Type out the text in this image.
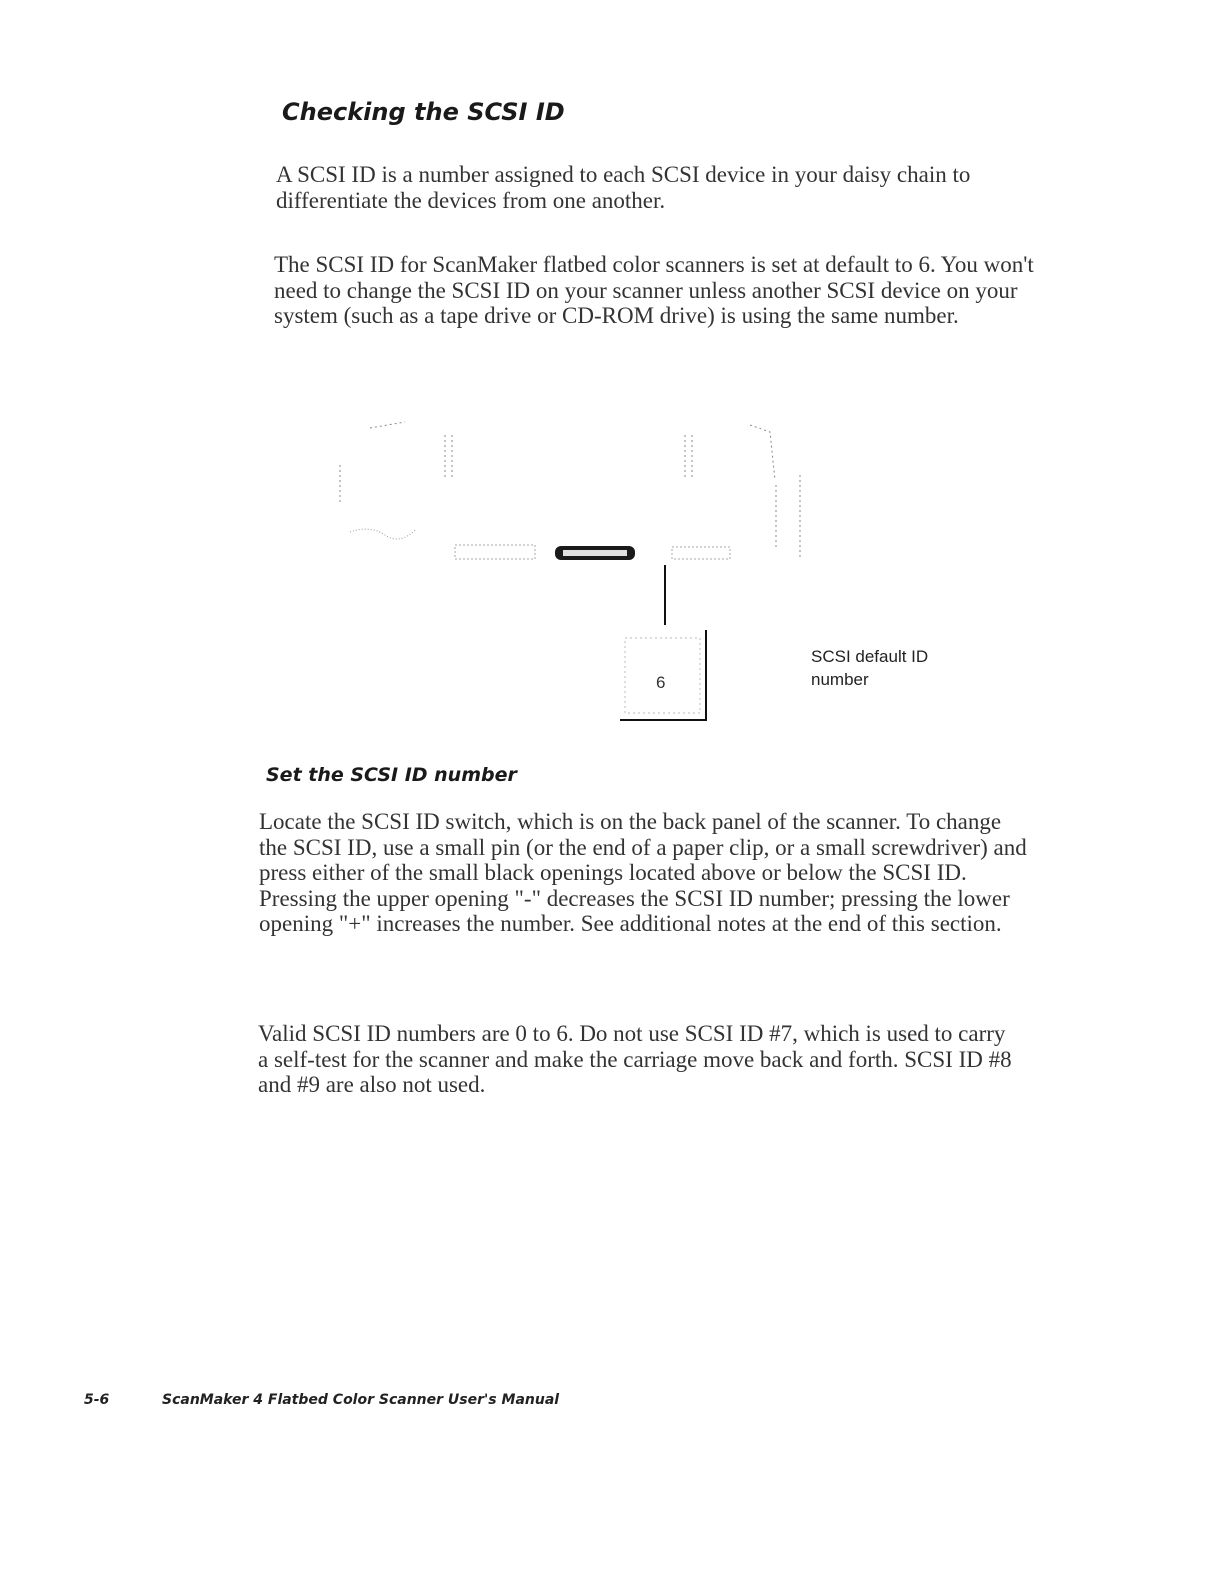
Checking the SCSI ID

A SCSI ID is a number assigned to each SCSI device in your daisy chain to differentiate the devices from one another.

The SCSI ID for ScanMaker flatbed color scanners is set at default to 6. You won't need to change the SCSI ID on your scanner unless another SCSI device on your system (such as a tape drive or CD-ROM drive) is using the same number.

6

SCSI default ID number

Set the SCSI ID number

Locate the SCSI ID switch, which is on the back panel of the scanner. To change the SCSI ID, use a small pin (or the end of a paper clip, or a small screwdriver) and press either of the small black openings located above or below the SCSI ID. Pressing the upper opening "-" decreases the SCSI ID number; pressing the lower opening "+" increases the number. See additional notes at the end of this section.

Valid SCSI ID numbers are 0 to 6. Do not use SCSI ID #7, which is used to carry a self-test for the scanner and make the carriage move back and forth. SCSI ID #8 and #9 are also not used.

5-6	ScanMaker 4 Flatbed Color Scanner User's Manual
